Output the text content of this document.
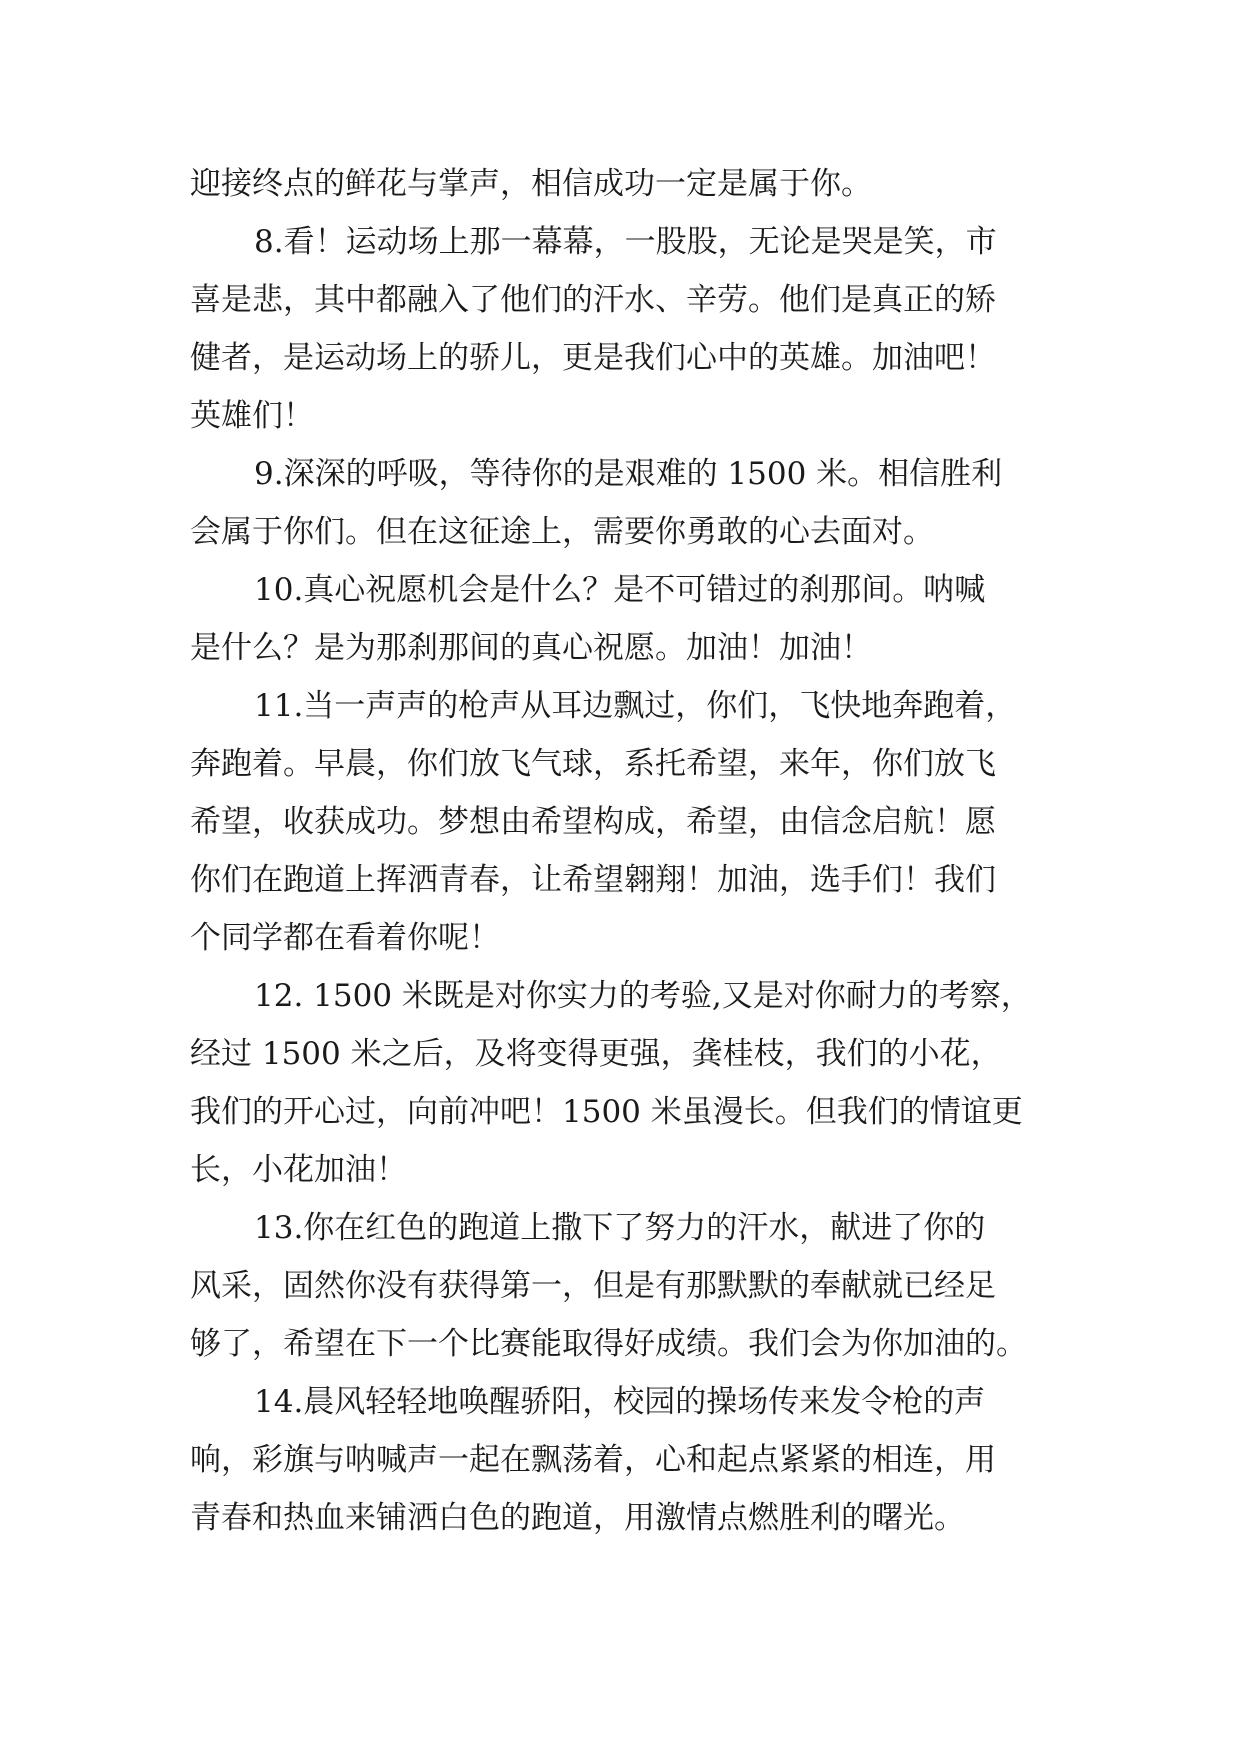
迎接终点的鲜花与掌声，相信成功一定是属于你。
8.看！运动场上那一幕幕，一股股，无论是哭是笑，市
喜是悲，其中都融入了他们的汗水、辛劳。他们是真正的矫
健者，是运动场上的骄儿，更是我们心中的英雄。加油吧！
英雄们！
9.深深的呼吸，等待你的是艰难的 1500 米。相信胜利
会属于你们。但在这征途上，需要你勇敢的心去面对。
10.真心祝愿机会是什么？是不可错过的刹那间。呐喊
是什么？是为那刹那间的真心祝愿。加油！加油！
11.当一声声的枪声从耳边飘过，你们，飞快地奔跑着，
奔跑着。早晨，你们放飞气球，系托希望，来年，你们放飞
希望，收获成功。梦想由希望构成，希望，由信念启航！愿
你们在跑道上挥洒青春，让希望翱翔！加油，选手们！我们
个同学都在看着你呢！
12. 1500 米既是对你实力的考验,又是对你耐力的考察，
经过 1500 米之后，及将变得更强，龚桂枝，我们的小花，
我们的开心过，向前冲吧！1500 米虽漫长。但我们的情谊更
长，小花加油！
13.你在红色的跑道上撒下了努力的汗水，献进了你的
风采，固然你没有获得第一，但是有那默默的奉献就已经足
够了，希望在下一个比赛能取得好成绩。我们会为你加油的。
14.晨风轻轻地唤醒骄阳，校园的操场传来发令枪的声
响，彩旗与呐喊声一起在飘荡着，心和起点紧紧的相连，用
青春和热血来铺洒白色的跑道，用激情点燃胜利的曙光。
